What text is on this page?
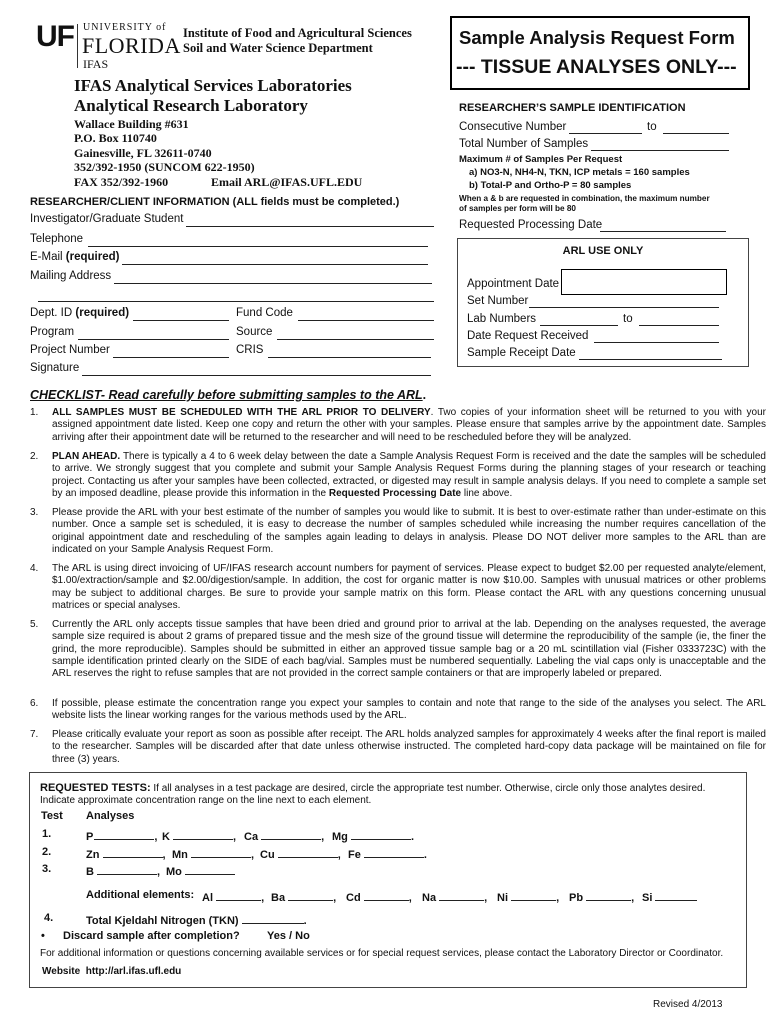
UF UNIVERSITY of
FLORIDA
IFAS
Institute of Food and Agricultural Sciences
Soil and Water Science Department
IFAS Analytical Services Laboratories
Analytical Research Laboratory
Wallace Building #631
P.O. Box 110740
Gainesville, FL 32611-0740
352/392-1950 (SUNCOM 622-1950)
FAX 352/392-1960	Email ARL@IFAS.UFL.EDU
Sample Analysis Request Form
--- TISSUE ANALYSES ONLY---
RESEARCHER’S SAMPLE IDENTIFICATION
Consecutive Number	to
Total Number of Samples
Maximum # of Samples Per Request
a) NO3-N, NH4-N, TKN, ICP metals = 160 samples
b) Total-P and Ortho-P = 80 samples
When a & b are requested in combination, the maximum number
of samples per form will be 80
Requested Processing Date
ARL USE ONLY
Appointment Date
Set Number
Lab Numbers	to
Date Request Received
Sample Receipt Date
RESEARCHER/CLIENT INFORMATION (ALL fields must be completed.)
Investigator/Graduate Student
Telephone
E-Mail (required)
Mailing Address
Dept. ID (required)	Fund Code
Program	Source
Project Number	CRIS
Signature
CHECKLIST- Read carefully before submitting samples to the ARL.
1.	ALL SAMPLES MUST BE SCHEDULED WITH THE ARL PRIOR TO DELIVERY. Two copies of your information sheet will be returned to you with your assigned appointment date listed. Keep one copy and return the other with your samples. Please ensure that samples arrive by the appointment date. Samples arriving after their appointment date will be returned to the researcher and will need to be rescheduled before they will be analyzed.
2.	PLAN AHEAD. There is typically a 4 to 6 week delay between the date a Sample Analysis Request Form is received and the date the samples will be scheduled to arrive. We strongly suggest that you complete and submit your Sample Analysis Request Forms during the planning stages of your research or teaching project. Contacting us after your samples have been collected, extracted, or digested may result in sample analysis delays. If you need to complete a sample set by an imposed deadline, please provide this information in the Requested Processing Date line above.
3.	Please provide the ARL with your best estimate of the number of samples you would like to submit. It is best to over-estimate rather than under-estimate on this number. Once a sample set is scheduled, it is easy to decrease the number of samples scheduled while increasing the number requires cancellation of the original appointment date and rescheduling of the samples again leading to delays in analysis. Please DO NOT deliver more samples to the ARL than are indicated on your Sample Analysis Request Form.
4.	The ARL is using direct invoicing of UF/IFAS research account numbers for payment of services. Please expect to budget $2.00 per requested analyte/element, $1.00/extraction/sample and $2.00/digestion/sample. In addition, the cost for organic matter is now $10.00. Samples with unusual matrices or other problems may be subject to additional charges. Be sure to provide your sample matrix on this form. Please contact the ARL with any questions concerning unusual matrices or special analyses.
5.	Currently the ARL only accepts tissue samples that have been dried and ground prior to arrival at the lab. Depending on the analyses requested, the average sample size required is about 2 grams of prepared tissue and the mesh size of the ground tissue will determine the reproducibility of the sample (ie, the finer the grind, the more reproducible). Samples should be submitted in either an approved tissue sample bag or a 20 mL scintillation vial (Fisher 0333723C) with the sample identification printed clearly on the SIDE of each bag/vial. Samples must be numbered sequentially. Labeling the vial caps only is unacceptable and the ARL reserves the right to refuse samples that are not provided in the correct sample containers or that are improperly labeled or prepared.
6.	If possible, please estimate the concentration range you expect your samples to contain and note that range to the side of the analyses you select. The ARL website lists the linear working ranges for the various methods used by the ARL.
7.	Please critically evaluate your report as soon as possible after receipt. The ARL holds analyzed samples for approximately 4 weeks after the final report is mailed to the researcher. Samples will be discarded after that date unless otherwise instructed. The completed hard-copy data package will be maintained on file for three (3) years.
REQUESTED TESTS: If all analyses in a test package are desired, circle the appropriate test number. Otherwise, circle only those analytes desired.
Indicate approximate concentration range on the line next to each element.
Test Analyses
1.	P	, K	, Ca	, Mg	.
2.	Zn	, Mn	, Cu	, Fe	.
3.	B	, Mo
Additional elements: Al	, Ba	, Cd	, Na	, Ni	, Pb	, Si
4.	Total Kjeldahl Nitrogen (TKN)	.
• Discard sample after completion? Yes / No
For additional information or questions concerning available services or for special request services, please contact the Laboratory Director or Coordinator.
Website http://arl.ifas.ufl.edu
Revised 4/2013
